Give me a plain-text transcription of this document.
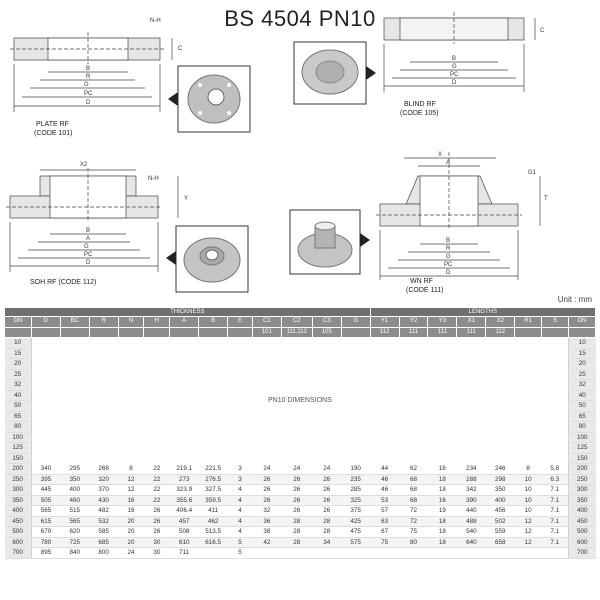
BS 4504 PN10
B
R
G
PC
D
N-H
C
PLATE RF
(CODE 101)
B
G
PC
D
C
BLIND RF
(CODE 105)
X2
B
A
G
PC
D
Y
N-H
SOH RF (CODE 112)
X
A
B
R
G
PC
D
G1
T
WN RF
(CODE 111)
Unit : mm
THICKNESS													LENGTHS							
DN	D	BC	R	N	H	A	B	E	C1	C2	C3	G	Y1	Y2	Y3	X1	X2	R1	S	DN
									101	111,112	105		112	111	111	111	112			
10	PN10 DIMENSIONS																			10
15																				15
20																				20
25																				25
32																				32
40																				40
50																				50
65																				65
80																				80
100																				100
125																				125
150																				150
200	340	295	268	8	22	219.1	221.5	3	24	24	24	190	44	62	16	234	246	8	5.8	200
250	395	350	320	12	22	273	276.5	3	26	26	26	235	46	68	18	288	298	10	6.3	250
300	445	400	370	12	22	323.9	327.5	4	26	26	26	285	46	68	18	342	350	10	7.1	300
350	505	460	430	16	22	355.6	359.5	4	26	26	26	325	53	68	16	390	400	10	7.1	350
400	565	515	482	16	26	406.4	411	4	32	26	26	375	57	72	19	440	456	10	7.1	400
450	615	565	532	20	26	457	462	4	36	28	28	425	63	72	18	488	502	12	7.1	450
500	670	620	585	20	26	508	513.5	4	38	28	28	475	67	75	18	540	559	12	7.1	500
600	780	725	685	20	30	610	616.5	5	42	28	34	575	75	80	18	640	658	12	7.1	600
700	895	840	800	24	30	711		5												700
